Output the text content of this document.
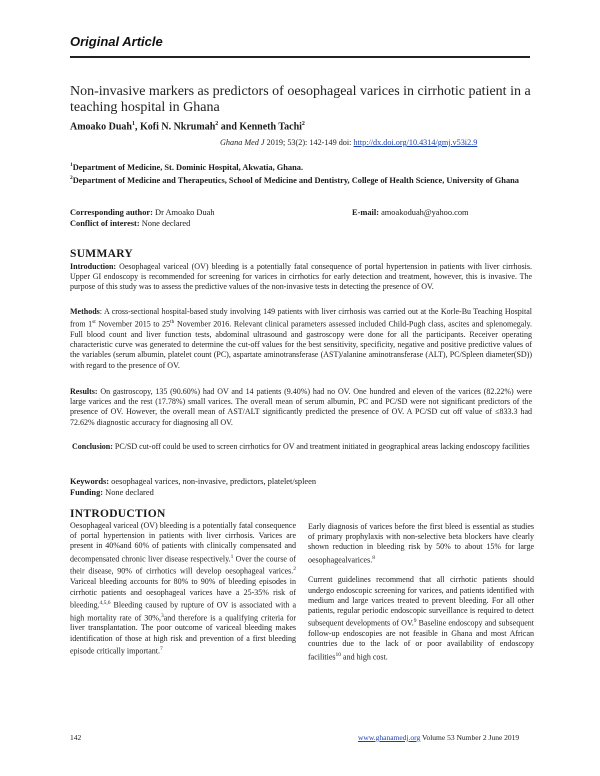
Original Article
Non-invasive markers as predictors of oesophageal varices in cirrhotic patient in a teaching hospital in Ghana
Amoako Duah$^1$, Kofi N. Nkrumah$^2$ and Kenneth Tachi$^2$
Ghana Med J 2019; 53(2): 142-149 doi: http://dx.doi.org/10.4314/gmj.v53i2.9
$^1$Department of Medicine, St. Dominic Hospital, Akwatia, Ghana.
$^2$Department of Medicine and Therapeutics, School of Medicine and Dentistry, College of Health Science, University of Ghana
Corresponding author: Dr Amoako Duah	E-mail: amoakoduah@yahoo.com
Conflict of interest: None declared
SUMMARY
Introduction: Oesophageal variceal (OV) bleeding is a potentially fatal consequence of portal hypertension in patients with liver cirrhosis. Upper GI endoscopy is recommended for screening for varices in cirrhotics for early detection and treatment, however, this is invasive. The purpose of this study was to assess the predictive values of the non-invasive tests in detecting the presence of OV.
Methods: A cross-sectional hospital-based study involving 149 patients with liver cirrhosis was carried out at the Korle-Bu Teaching Hospital from 1st November 2015 to 25th November 2016. Relevant clinical parameters assessed included Child-Pugh class, ascites and splenomegaly. Full blood count and liver function tests, abdominal ultrasound and gastroscopy were done for all the participants. Receiver operating characteristic curve was generated to determine the cut-off values for the best sensitivity, specificity, negative and positive predictive values of the variables (serum albumin, platelet count (PC), aspartate aminotransferase (AST)/alanine aminotransferase (ALT), PC/Spleen diameter(SD)) with regard to the presence of OV.
Results: On gastroscopy, 135 (90.60%) had OV and 14 patients (9.40%) had no OV. One hundred and eleven of the varices (82.22%) were large varices and the rest (17.78%) small varices. The overall mean of serum albumin, PC and PC/SD were not significant predictors of the presence of OV. However, the overall mean of AST/ALT significantly predicted the presence of OV. A PC/SD cut off value of ≤833.3 had 72.62% diagnostic accuracy for diagnosing all OV.
Conclusion: PC/SD cut-off could be used to screen cirrhotics for OV and treatment initiated in geographical areas lacking endoscopy facilities
Keywords: oesophageal varices, non-invasive, predictors, platelet/spleen
Funding: None declared
INTRODUCTION

Oesophageal variceal (OV) bleeding is a potentially fatal consequence of portal hypertension in patients with liver cirrhosis. Varices are present in 40%and 60% of patients with clinically compensated and decompensated chronic liver disease respectively.$^1$ Over the course of their disease, 90% of cirrhotics will develop oesophageal varices.$^2$ Variceal bleeding accounts for 80% to 90% of bleeding episodes in cirrhotic patients and oesophageal varices have a 25-35% risk of bleeding.$^{4,5,6}$ Bleeding caused by rupture of OV is associated with a high mortality rate of 30%,$^3$and therefore is a qualifying criteria for liver transplantation. The poor outcome of variceal bleeding makes identification of those at high risk and prevention of a first bleeding episode critically important.$^7$

Early diagnosis of varices before the first bleed is essential as studies of primary prophylaxis with non-selective beta blockers have clearly shown reduction in bleeding risk by 50% to about 15% for large oesophagealvarices.$^8$

Current guidelines recommend that all cirrhotic patients should undergo endoscopic screening for varices, and patients identified with medium and large varices treated to prevent bleeding. For all other patients, regular periodic endoscopic surveillance is required to detect subsequent developments of OV.$^9$ Baseline endoscopy and subsequent follow-up endoscopies are not feasible in Ghana and most African countries due to the lack of or poor availability of endoscopy facilities$^{10}$ and high cost.

142	www.ghanamedj.org Volume 53 Number 2 June 2019
